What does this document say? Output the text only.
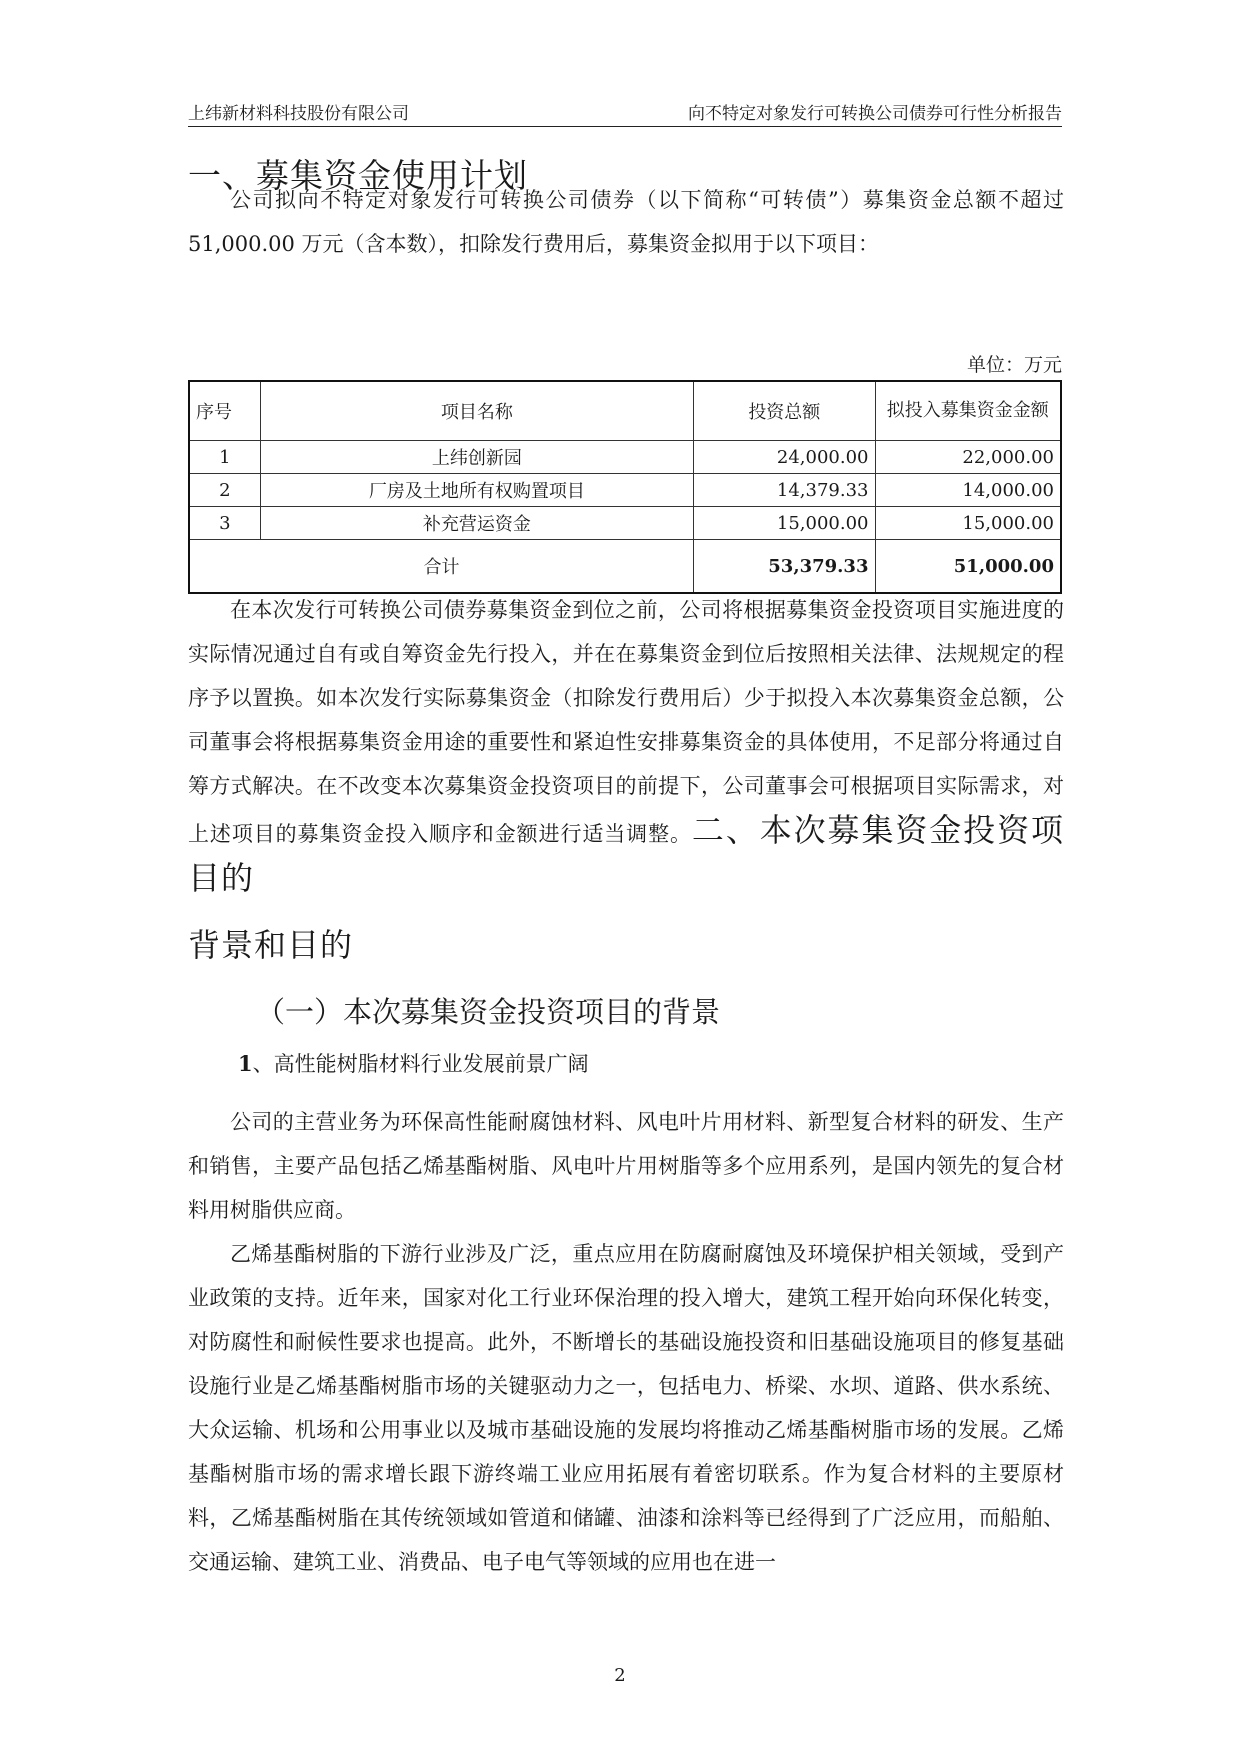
上纬新材料科技股份有限公司	向不特定对象发行可转换公司债券可行性分析报告
一、募集资金使用计划

公司拟向不特定对象发行可转换公司债券（以下简称“可转债”）募集资金总额不超过 51,000.00 万元（含本数），扣除发行费用后，募集资金拟用于以下项目：

单位：万元
序号	项目名称	投资总额	拟投入募集资金金额
1	上纬创新园	24,000.00	22,000.00
2	厂房及土地所有权购置项目	14,379.33	14,000.00
3	补充营运资金	15,000.00	15,000.00
合计		53,379.33	51,000.00

在本次发行可转换公司债券募集资金到位之前，公司将根据募集资金投资项目实施进度的实际情况通过自有或自筹资金先行投入，并在在募集资金到位后按照相关法律、法规规定的程序予以置换。如本次发行实际募集资金（扣除发行费用后）少于拟投入本次募集资金总额，公司董事会将根据募集资金用途的重要性和紧迫性安排募集资金的具体使用，不足部分将通过自筹方式解决。在不改变本次募集资金投资项目的前提下，公司董事会可根据项目实际需求，对上述项目的募集资金投入顺序和金额进行适当调整。二、本次募集资金投资项目的

背景和目的
（一）本次募集资金投资项目的背景
1、高性能树脂材料行业发展前景广阔

公司的主营业务为环保高性能耐腐蚀材料、风电叶片用材料、新型复合材料的研发、生产和销售，主要产品包括乙烯基酯树脂、风电叶片用树脂等多个应用系列，是国内领先的复合材料用树脂供应商。

乙烯基酯树脂的下游行业涉及广泛，重点应用在防腐耐腐蚀及环境保护相关领域，受到产业政策的支持。近年来，国家对化工行业环保治理的投入增大，建筑工程开始向环保化转变，对防腐性和耐候性要求也提高。此外，不断增长的基础设施投资和旧基础设施项目的修复基础设施行业是乙烯基酯树脂市场的关键驱动力之一，包括电力、桥梁、水坝、道路、供水系统、大众运输、机场和公用事业以及城市基础设施的发展均将推动乙烯基酯树脂市场的发展。乙烯基酯树脂市场的需求增长跟下游终端工业应用拓展有着密切联系。作为复合材料的主要原材料，乙烯基酯树脂在其传统领域如管道和储罐、油漆和涂料等已经得到了广泛应用，而船舶、交通运输、建筑工业、消费品、电子电气等领域的应用也在进一

2
